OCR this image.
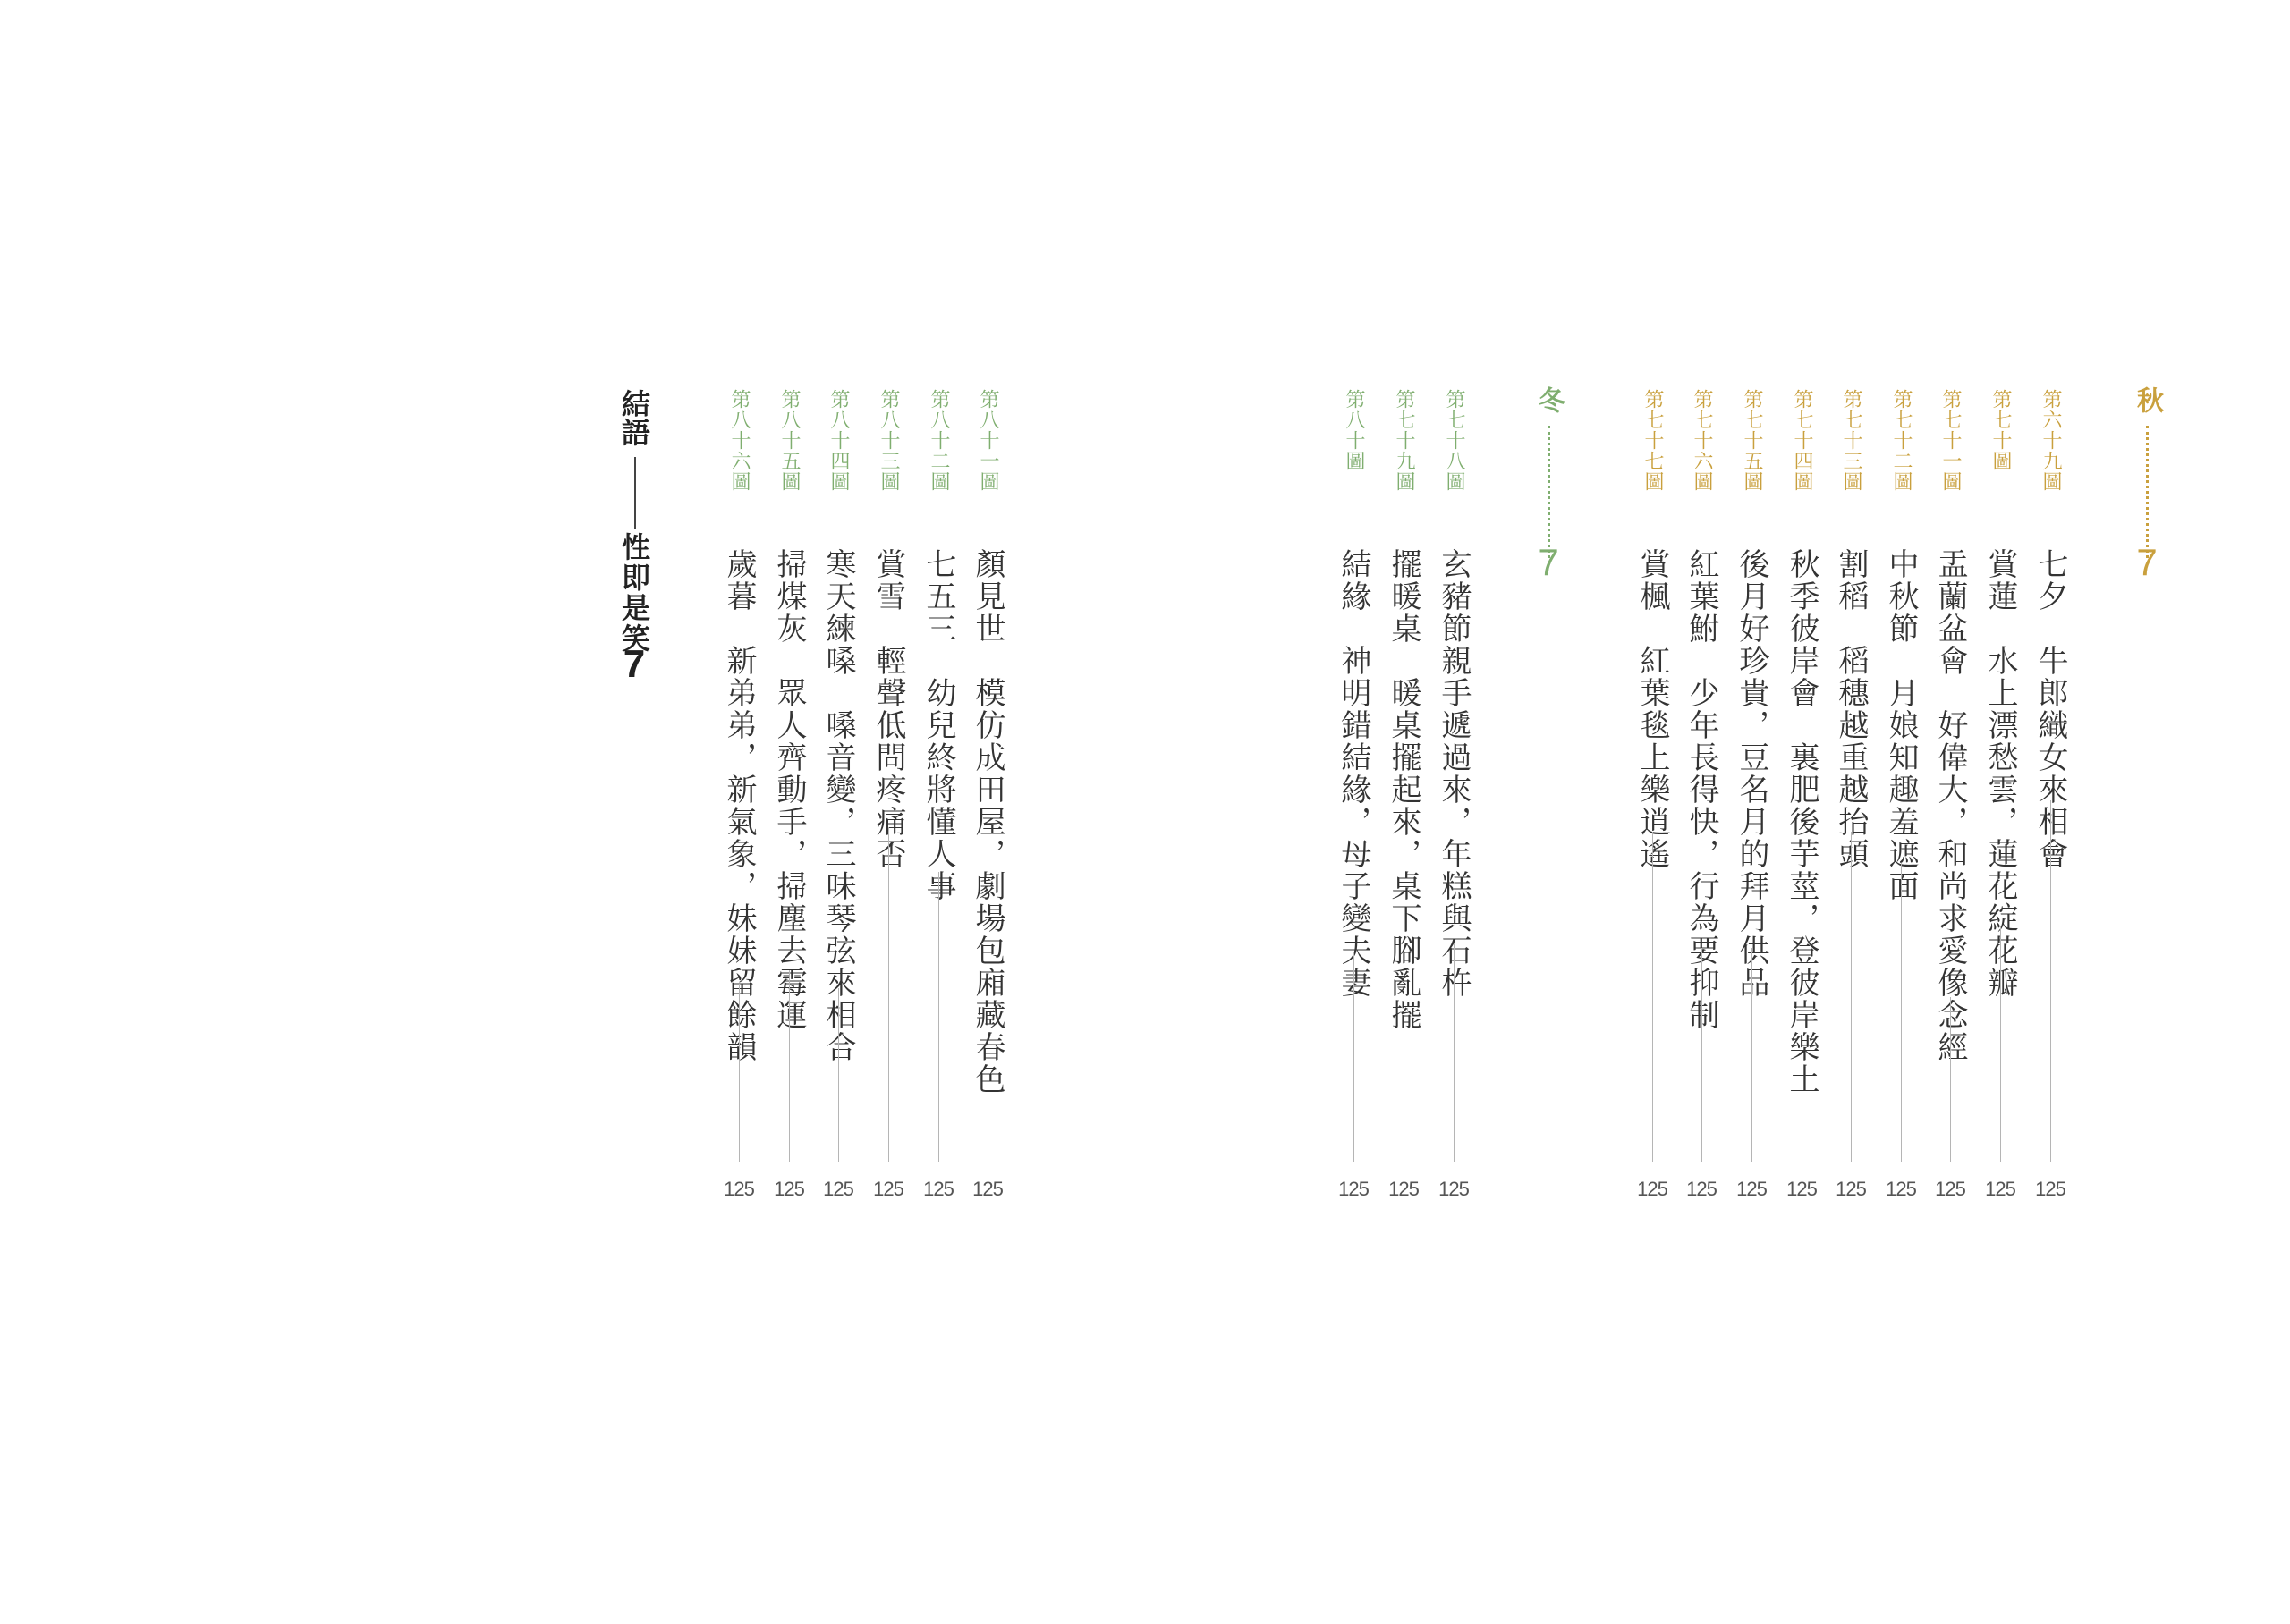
秋
7
第六十九圖
七夕　牛郎織女來相會
125
第七十圖
賞蓮　水上漂愁雲，蓮花綻花瓣
125
第七十一圖
盂蘭盆會　好偉大，和尚求愛像念經
125
第七十二圖
中秋節　月娘知趣羞遮面
125
第七十三圖
割稻　稻穗越重越抬頭
125
第七十四圖
秋季彼岸會　裏肥後芋莖，登彼岸樂土
125
第七十五圖
後月好珍貴，豆名月的拜月供品
125
第七十六圖
紅葉鮒　少年長得快，行為要抑制
125
第七十七圖
賞楓　紅葉毯上樂逍遙
125
冬
7
第七十八圖
玄豬節親手遞過來，年糕與石杵
125
第七十九圖
擺暖桌　暖桌擺起來，桌下腳亂擺
125
第八十圖
結緣　神明錯結緣，母子變夫妻
125
第八十一圖
顏見世　模仿成田屋，劇場包廂藏春色
125
第八十二圖
七五三　幼兒終將懂人事
125
第八十三圖
賞雪　輕聲低問疼痛否
125
第八十四圖
寒天練嗓　嗓音變，三味琴弦來相合
125
第八十五圖
掃煤灰　眾人齊動手，掃塵去霉運
125
第八十六圖
歲暮　新弟弟，新氣象，妹妹留餘韻
125
結語
性即是笑
7
